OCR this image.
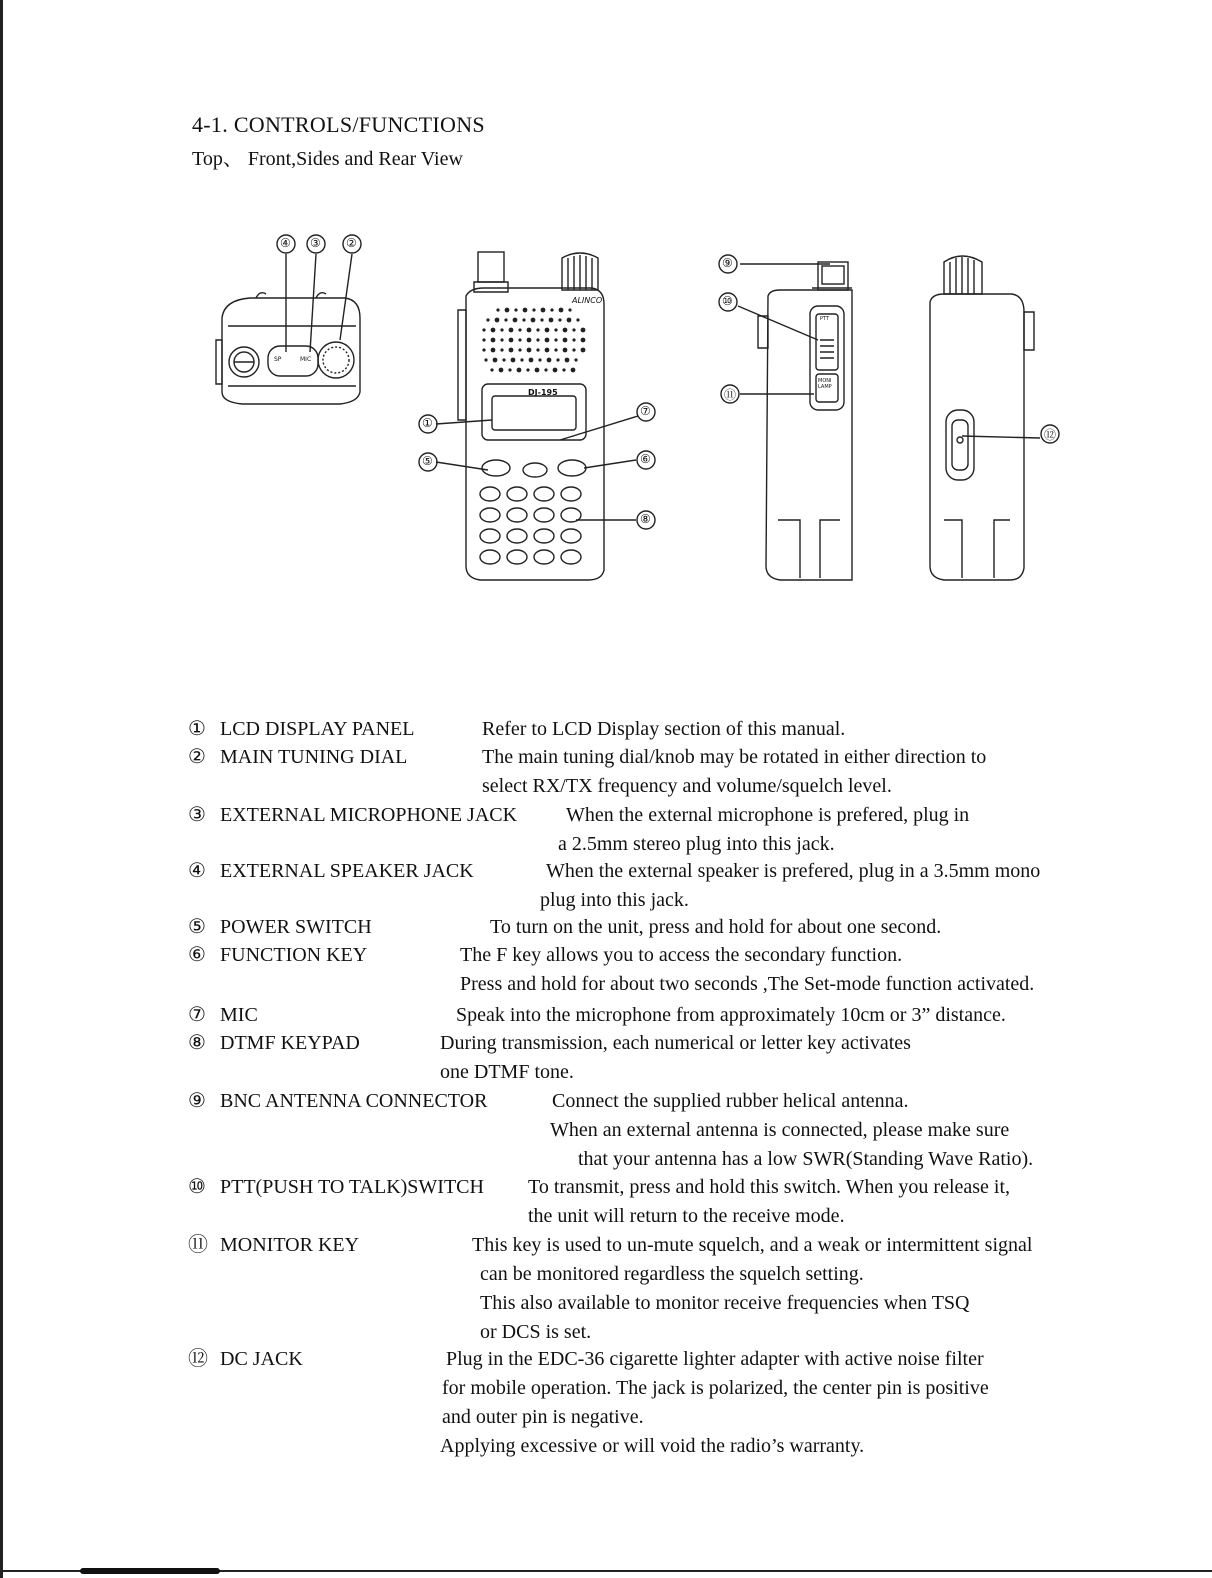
4-1. CONTROLS/FUNCTIONS
Top、 Front,Sides and Rear View
④ ③ ②
①
⑤
⑦
⑥
⑧
⑨
⑩
⑪
⑫
SP	MIC
ALINCO
DJ-195
PTT
MONI LAMP
① LCD DISPLAY PANEL	Refer to LCD Display section of this manual.
② MAIN TUNING DIAL	The main tuning dial/knob may be rotated in either direction to
select RX/TX frequency and volume/squelch level.
③ EXTERNAL MICROPHONE JACK When the external microphone is prefered, plug in
a 2.5mm stereo plug into this jack.
④ EXTERNAL SPEAKER JACK	When the external speaker is prefered, plug in a 3.5mm mono
plug into this jack.
⑤ POWER SWITCH	To turn on the unit, press and hold for about one second.
⑥ FUNCTION KEY	The F key allows you to access the secondary function.
Press and hold for about two seconds ,The Set-mode function activated.
⑦ MIC	Speak into the microphone from approximately 10cm or 3” distance.
⑧ DTMF KEYPAD	During transmission, each numerical or letter key activates
one DTMF tone.
⑨ BNC ANTENNA CONNECTOR	Connect the supplied rubber helical antenna.
When an external antenna is connected, please make sure
that your antenna has a low SWR(Standing Wave Ratio).
⑩ PTT(PUSH TO TALK)SWITCH To transmit, press and hold this switch. When you release it,
the unit will return to the receive mode.
⑪ MONITOR KEY	This key is used to un-mute squelch, and a weak or intermittent signal
can be monitored regardless the squelch setting.
This also available to monitor receive frequencies when TSQ
or DCS is set.
⑫ DC JACK	Plug in the EDC-36 cigarette lighter adapter with active noise filter
for mobile operation. The jack is polarized, the center pin is positive
and outer pin is negative.
Applying excessive or will void the radio’s warranty.
